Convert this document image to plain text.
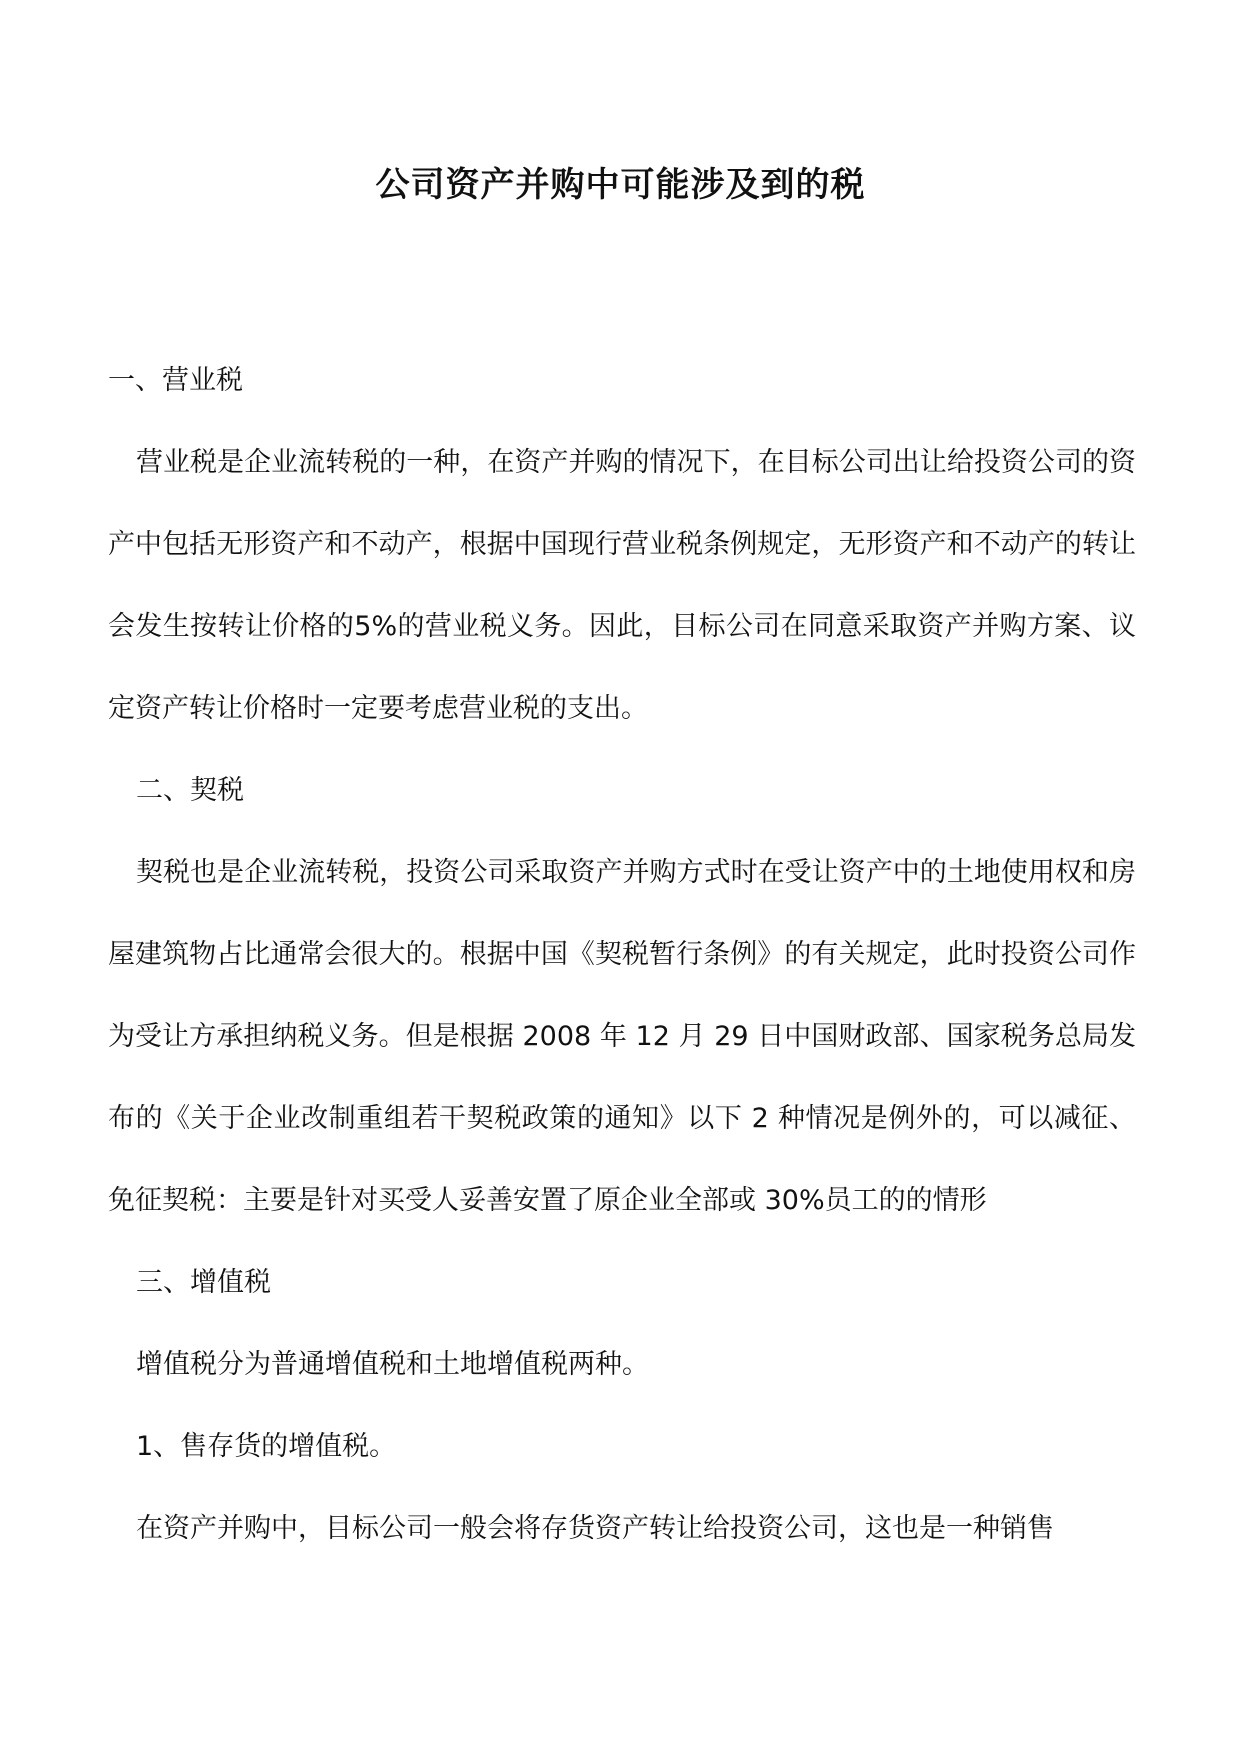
公司资产并购中可能涉及到的税

一、营业税

营业税是企业流转税的一种，在资产并购的情况下，在目标公司出让给投资公司的资产中包括无形资产和不动产，根据中国现行营业税条例规定，无形资产和不动产的转让会发生按转让价格的5%的营业税义务。因此，目标公司在同意采取资产并购方案、议定资产转让价格时一定要考虑营业税的支出。

二、契税

契税也是企业流转税，投资公司采取资产并购方式时在受让资产中的土地使用权和房屋建筑物占比通常会很大的。根据中国《契税暂行条例》的有关规定，此时投资公司作为受让方承担纳税义务。但是根据 2008 年 12 月 29 日中国财政部、国家税务总局发布的《关于企业改制重组若干契税政策的通知》以下 2 种情况是例外的，可以减征、免征契税：主要是针对买受人妥善安置了原企业全部或 30%员工的的情形

三、增值税

增值税分为普通增值税和土地增值税两种。

1、售存货的增值税。

在资产并购中，目标公司一般会将存货资产转让给投资公司，这也是一种销售
